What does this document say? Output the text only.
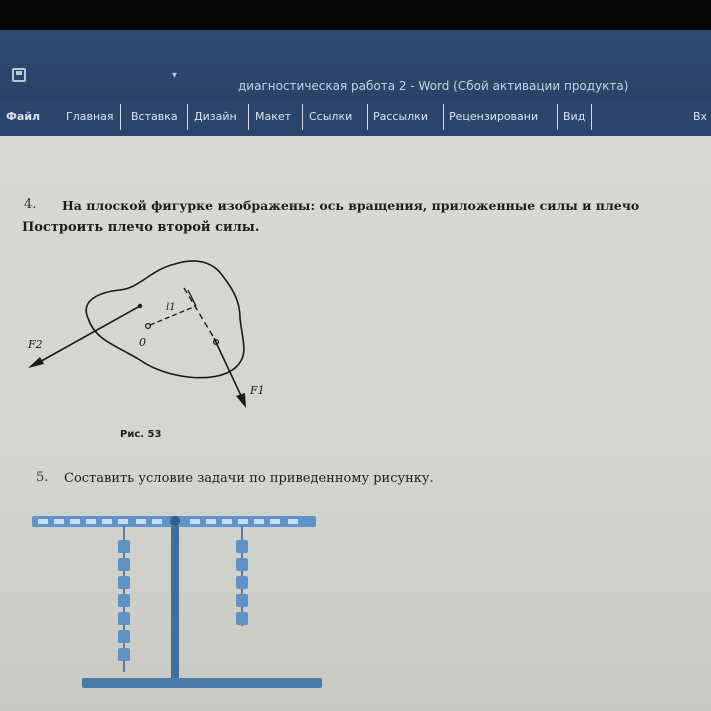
▾
диагностическая работа 2 - Word (Сбой активации продукта)
Файл Главная Вставка Дизайн Макет Ссылки Рассылки Рецензировани Вид	Вх
4. На плоской фигурке изображены: ось вращения, приложенные силы и плечо
Построить плечо второй силы.
F2
F1
0
l1
Рис. 53
5. Составить условие задачи по приведенному рисунку.
